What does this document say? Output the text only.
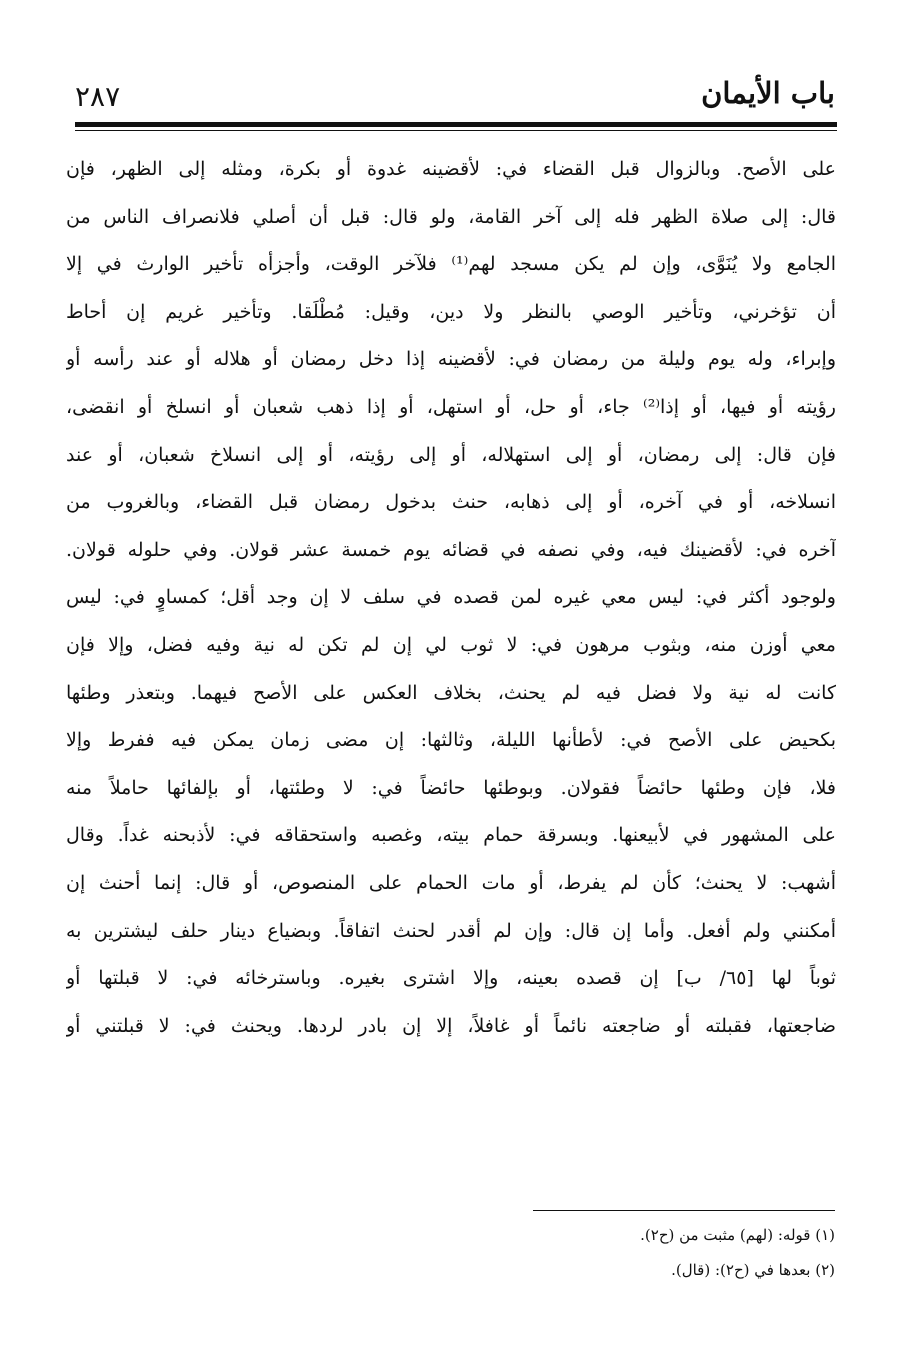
٢٨٧	باب الأيمان
على الأصح. وبالزوال قبل القضاء في: لأقضينه غدوة أو بكرة، ومثله إلى الظهر، فإن
قال: إلى صلاة الظهر فله إلى آخر القامة، ولو قال: قبل أن أصلي فلانصراف الناس من
الجامع ولا يُنَوَّى، وإن لم يكن مسجد لهم⁽¹⁾ فلآخر الوقت، وأجزأه تأخير الوارث في إلا
أن تؤخرني، وتأخير الوصي بالنظر ولا دين، وقيل: مُطْلَقا. وتأخير غريم إن أحاط
وإبراء، وله يوم وليلة من رمضان في: لأقضينه إذا دخل رمضان أو هلاله أو عند رأسه أو
رؤيته أو فيها، أو إذا⁽²⁾ جاء، أو حل، أو استهل، أو إذا ذهب شعبان أو انسلخ أو انقضى،
فإن قال: إلى رمضان، أو إلى استهلاله، أو إلى رؤيته، أو إلى انسلاخ شعبان، أو عند
انسلاخه، أو في آخره، أو إلى ذهابه، حنث بدخول رمضان قبل القضاء، وبالغروب من
آخره في: لأقضينك فيه، وفي نصفه في قضائه يوم خمسة عشر قولان. وفي حلوله قولان.
ولوجود أكثر في: ليس معي غيره لمن قصده في سلف لا إن وجد أقل؛ كمساوٍ في: ليس
معي أوزن منه، وبثوب مرهون في: لا ثوب لي إن لم تكن له نية وفيه فضل، وإلا فإن
كانت له نية ولا فضل فيه لم يحنث، بخلاف العكس على الأصح فيهما. وبتعذر وطئها
بكحيض على الأصح في: لأطأنها الليلة، وثالثها: إن مضى زمان يمكن فيه ففرط وإلا
فلا، فإن وطئها حائضاً فقولان. وبوطئها حائضاً في: لا وطئتها، أو بإلفائها حاملاً منه
على المشهور في لأبيعنها. وبسرقة حمام بيته، وغصبه واستحقاقه في: لأذبحنه غداً. وقال
أشهب: لا يحنث؛ كأن لم يفرط، أو مات الحمام على المنصوص، أو قال: إنما أحنث إن
أمكنني ولم أفعل. وأما إن قال: وإن لم أقدر لحنث اتفاقاً. وبضياع دينار حلف ليشترين به
ثوباً لها [٦٥/ ب] إن قصده بعينه، وإلا اشترى بغيره. وباسترخائه في: لا قبلتها أو
ضاجعتها، فقبلته أو ضاجعته نائماً أو غافلاً، إلا إن بادر لردها. ويحنث في: لا قبلتني أو
(١) قوله: (لهم) مثبت من (ح٢).
(٢) بعدها في (ح٢): (قال).
